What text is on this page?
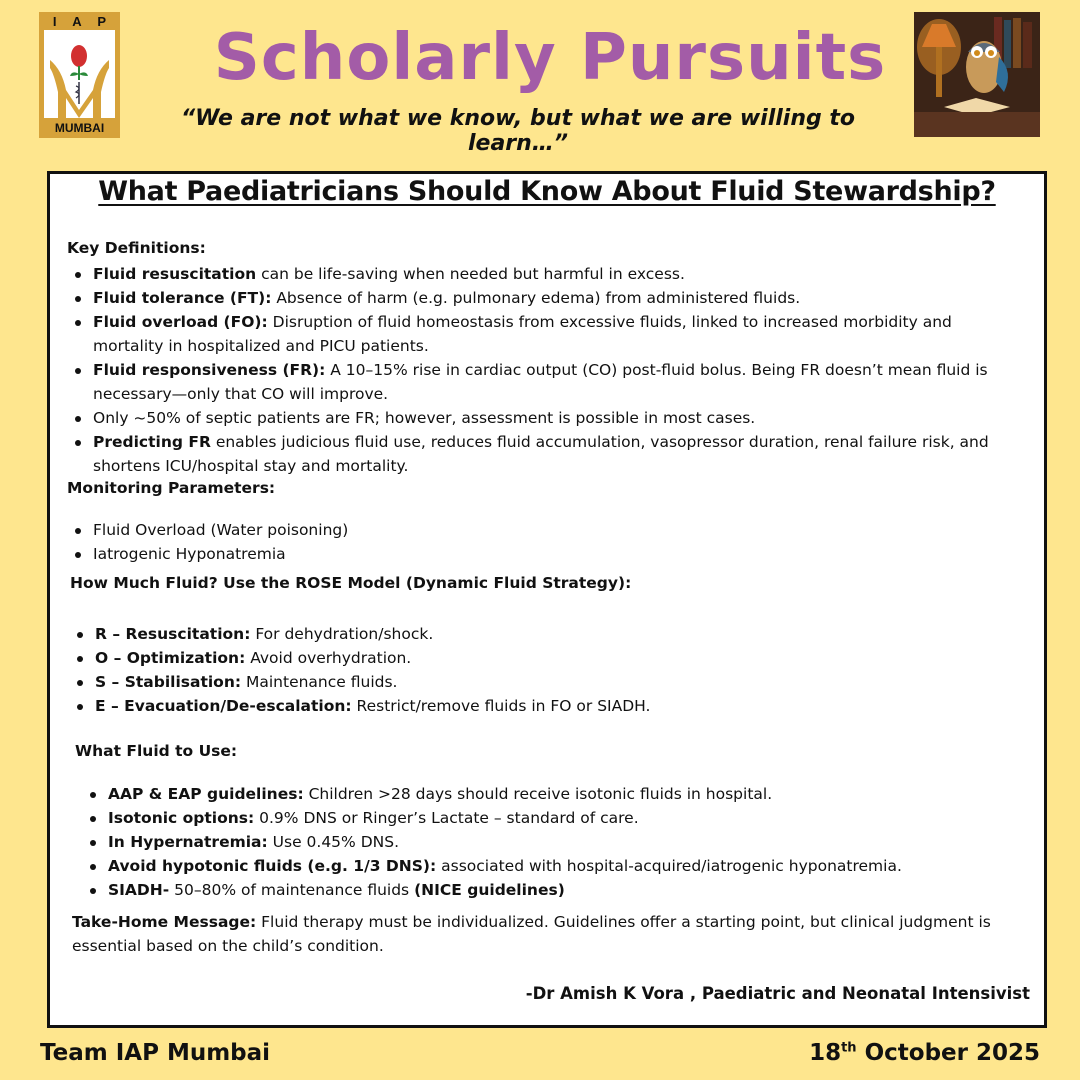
I A P
MUMBAI
Scholarly Pursuits
“We are not what we know, but what we are willing to learn…”
What Paediatricians Should Know About Fluid Stewardship?
Key Definitions:
Fluid resuscitation can be life-saving when needed but harmful in excess.
Fluid tolerance (FT): Absence of harm (e.g. pulmonary edema) from administered fluids.
Fluid overload (FO): Disruption of fluid homeostasis from excessive fluids, linked to increased morbidity and mortality in hospitalized and PICU patients.
Fluid responsiveness (FR): A 10–15% rise in cardiac output (CO) post-fluid bolus. Being FR doesn’t mean fluid is necessary—only that CO will improve.
Only ~50% of septic patients are FR; however, assessment is possible in most cases.
Predicting FR enables judicious fluid use, reduces fluid accumulation, vasopressor duration, renal failure risk, and shortens ICU/hospital stay and mortality.
Monitoring Parameters:
Fluid Overload (Water poisoning)
Iatrogenic Hyponatremia
How Much Fluid? Use the ROSE Model (Dynamic Fluid Strategy):
R – Resuscitation: For dehydration/shock.
O – Optimization: Avoid overhydration.
S – Stabilisation: Maintenance fluids.
E – Evacuation/De-escalation: Restrict/remove fluids in FO or SIADH.
What Fluid to Use:
AAP & EAP guidelines: Children >28 days should receive isotonic fluids in hospital.
Isotonic options: 0.9% DNS or Ringer’s Lactate – standard of care.
In Hypernatremia: Use 0.45% DNS.
Avoid hypotonic fluids (e.g. 1/3 DNS): associated with hospital-acquired/iatrogenic hyponatremia.
SIADH- 50–80% of maintenance fluids (NICE guidelines)
Take-Home Message: Fluid therapy must be individualized. Guidelines offer a starting point, but clinical judgment is essential based on the child’s condition.
-Dr Amish K Vora , Paediatric and Neonatal Intensivist
Team IAP Mumbai	18th October 2025
